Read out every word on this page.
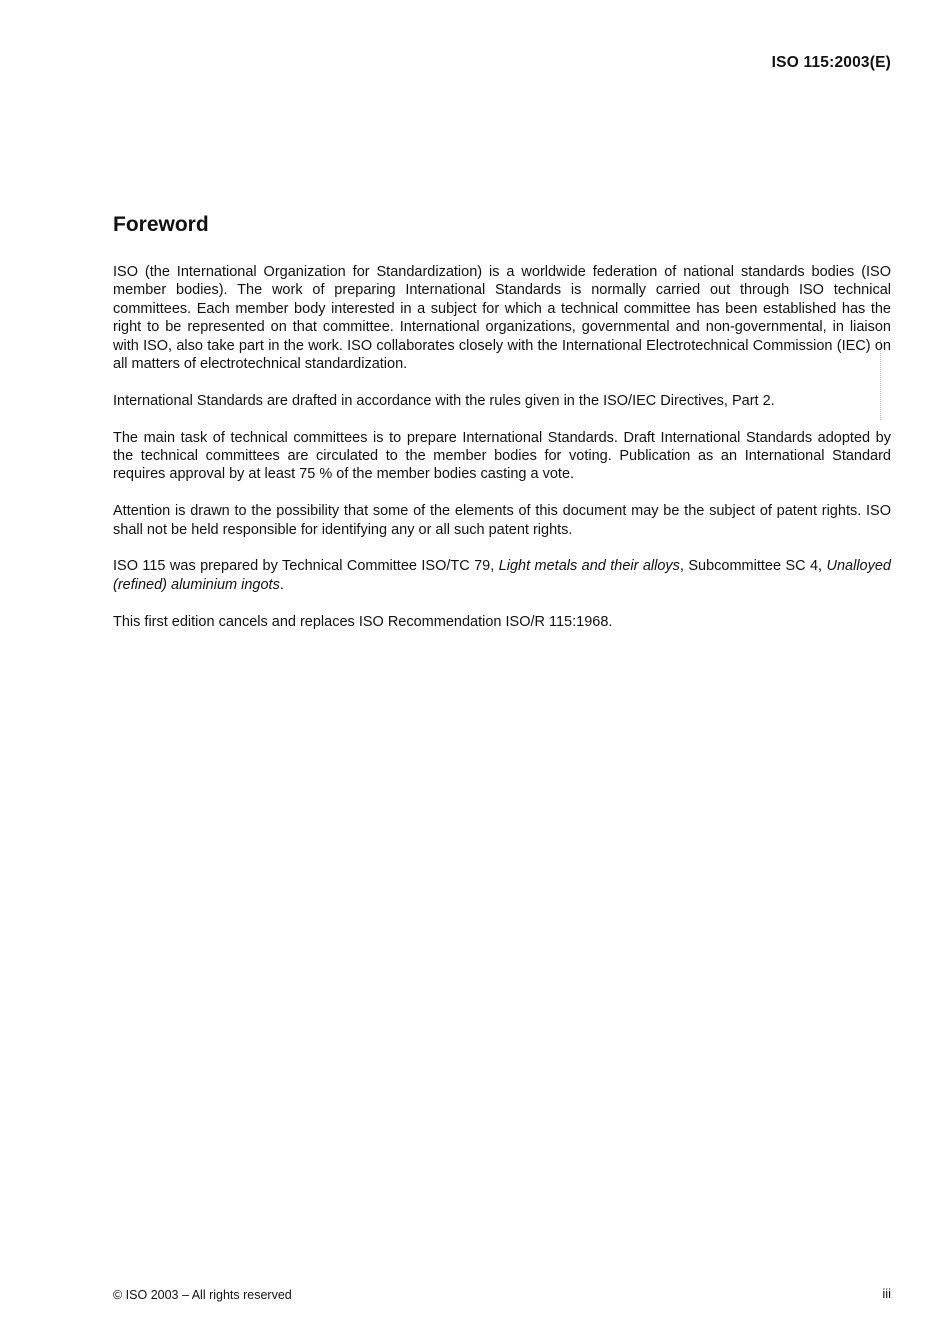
ISO 115:2003(E)
Foreword

ISO (the International Organization for Standardization) is a worldwide federation of national standards bodies (ISO member bodies). The work of preparing International Standards is normally carried out through ISO technical committees. Each member body interested in a subject for which a technical committee has been established has the right to be represented on that committee. International organizations, governmental and non-governmental, in liaison with ISO, also take part in the work. ISO collaborates closely with the International Electrotechnical Commission (IEC) on all matters of electrotechnical standardization.

International Standards are drafted in accordance with the rules given in the ISO/IEC Directives, Part 2.

The main task of technical committees is to prepare International Standards. Draft International Standards adopted by the technical committees are circulated to the member bodies for voting. Publication as an International Standard requires approval by at least 75 % of the member bodies casting a vote.

Attention is drawn to the possibility that some of the elements of this document may be the subject of patent rights. ISO shall not be held responsible for identifying any or all such patent rights.

ISO 115 was prepared by Technical Committee ISO/TC 79, Light metals and their alloys, Subcommittee SC 4, Unalloyed (refined) aluminium ingots.

This first edition cancels and replaces ISO Recommendation ISO/R 115:1968.

© ISO 2003 – All rights reserved	iii
